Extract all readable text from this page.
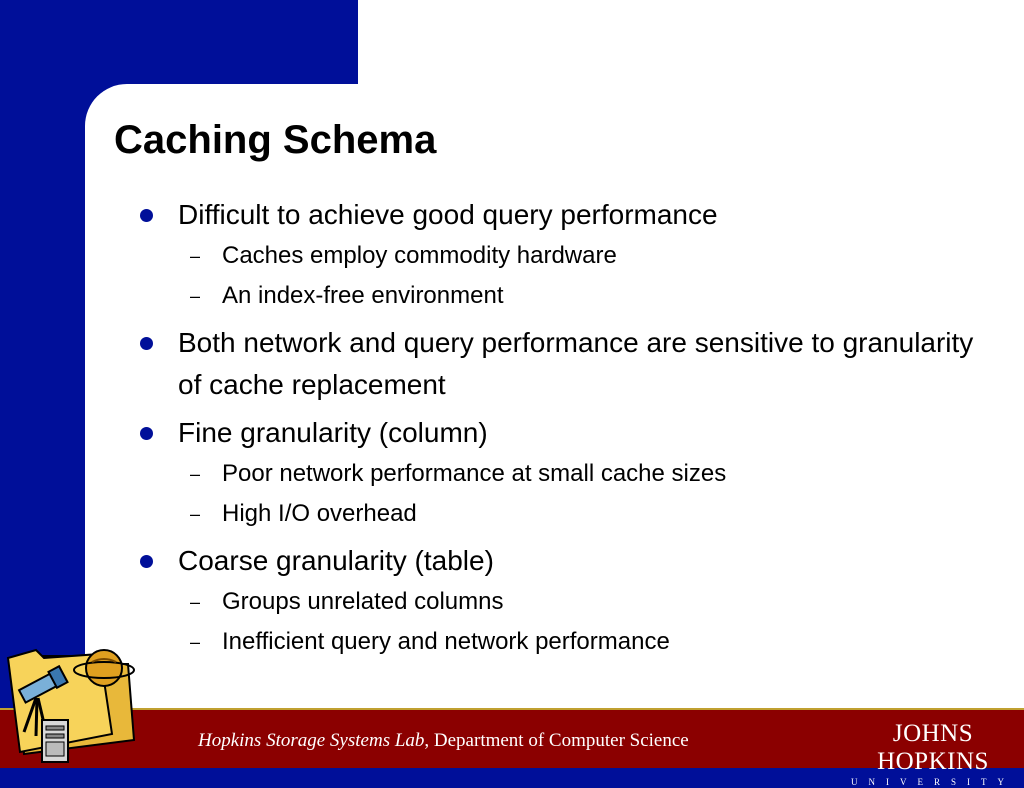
Caching Schema
Difficult to achieve good query performance
– Caches employ commodity hardware
– An index-free environment
Both network and query performance are sensitive to granularity of cache replacement
Fine granularity (column)
– Poor network performance at small cache sizes
– High I/O overhead
Coarse granularity (table)
– Groups unrelated columns
– Inefficient query and network performance
Hopkins Storage Systems Lab, Department of Computer Science	JOHNS HOPKINS
UNIVERSITY
